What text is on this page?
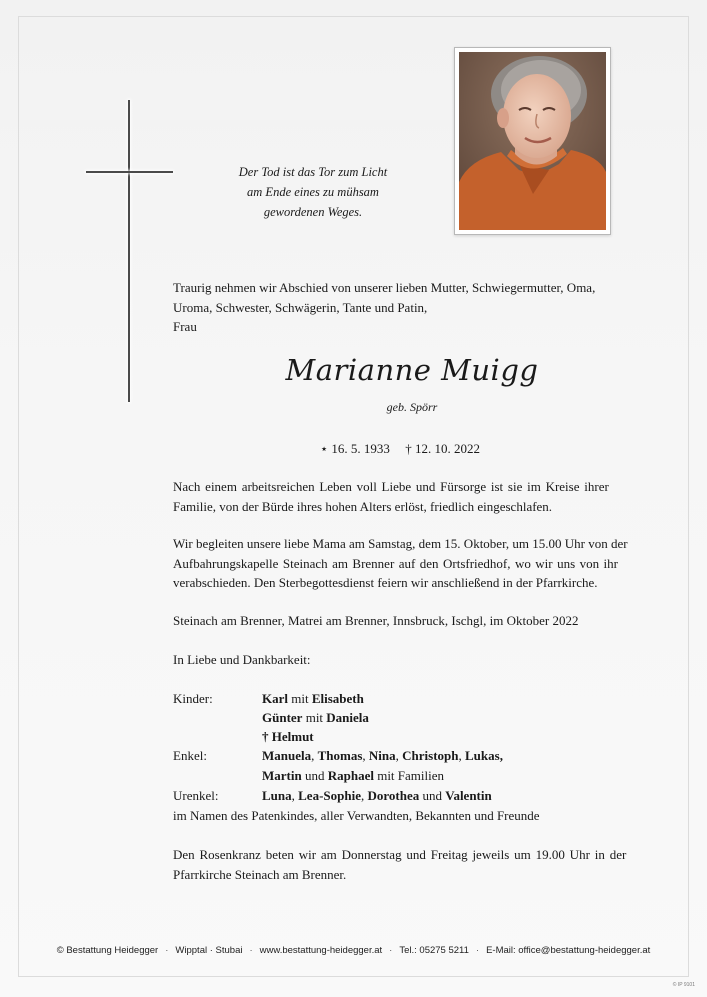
Der Tod ist das Tor zum Licht
am Ende eines zu mühsam
gewordenen Weges.
Traurig nehmen wir Abschied von unserer lieben Mutter, Schwiegermutter, Oma,
Uroma, Schwester, Schwägerin, Tante und Patin,
Frau
Marianne Muigg
geb. Spörr
⋆ 16. 5. 1933 † 12. 10. 2022
Nach einem arbeitsreichen Leben voll Liebe und Fürsorge ist sie im Kreise ihrer
Familie, von der Bürde ihres hohen Alters erlöst, friedlich eingeschlafen.
Wir begleiten unsere liebe Mama am Samstag, dem 15. Oktober, um 15.00 Uhr von der
Aufbahrungskapelle Steinach am Brenner auf den Ortsfriedhof, wo wir uns von ihr
verabschieden. Den Sterbegottesdienst feiern wir anschließend in der Pfarrkirche.
Steinach am Brenner, Matrei am Brenner, Innsbruck, Ischgl, im Oktober 2022
In Liebe und Dankbarkeit:
Kinder:	Karl mit Elisabeth
Günter mit Daniela
† Helmut
Enkel:	Manuela, Thomas, Nina, Christoph, Lukas,
Martin und Raphael mit Familien
Urenkel:	Luna, Lea-Sophie, Dorothea und Valentin
im Namen des Patenkindes, aller Verwandten, Bekannten und Freunde
Den Rosenkranz beten wir am Donnerstag und Freitag jeweils um 19.00 Uhr in der
Pfarrkirche Steinach am Brenner.
© Bestattung Heidegger · Wipptal · Stubai · www.bestattung-heidegger.at · Tel.: 05275 5211 · E-Mail: office@bestattung-heidegger.at
© IP 9101
